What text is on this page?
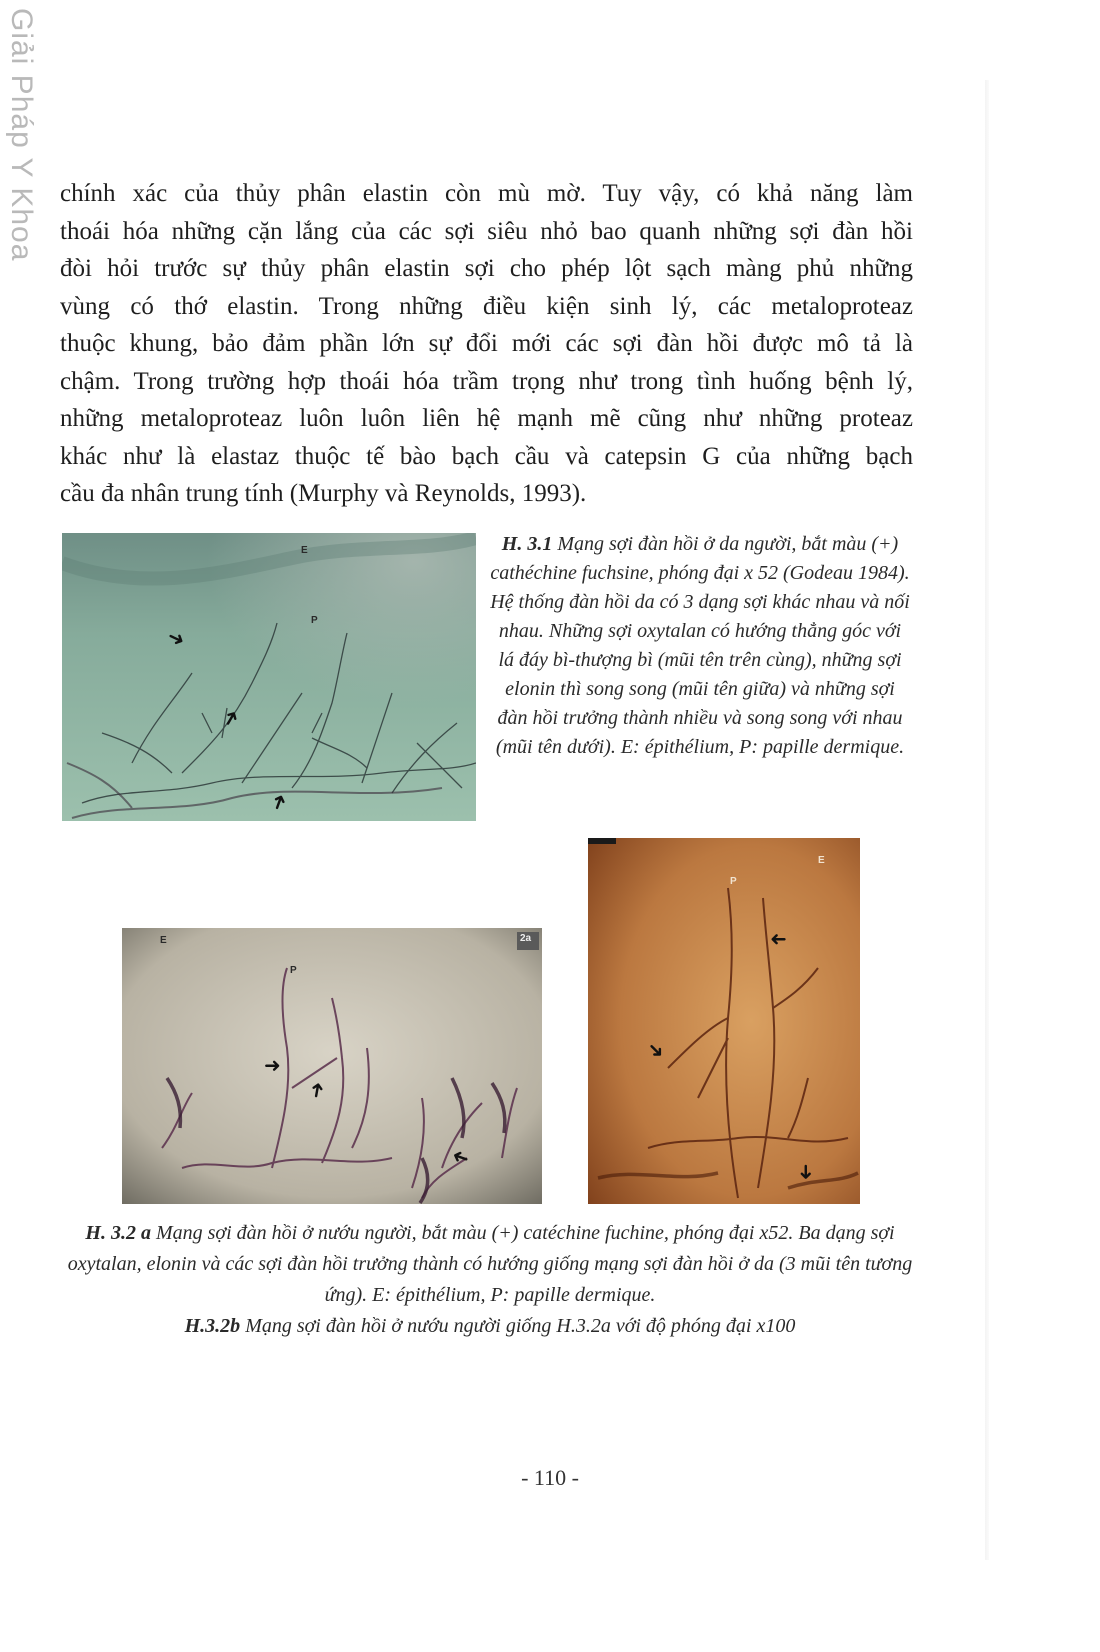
Giải Pháp Y Khoa chính xác của thủy phân elastin còn mù mờ. Tuy vậy, có khả năng làm
thoái hóa những cặn lắng của các sợi siêu nhỏ bao quanh những sợi đàn hồi
đòi hỏi trước sự thủy phân elastin sợi cho phép lột sạch màng phủ những
vùng có thớ elastin. Trong những điều kiện sinh lý, các metaloproteaz
thuộc khung, bảo đảm phần lớn sự đổi mới các sợi đàn hồi được mô tả là
chậm. Trong trường hợp thoái hóa trầm trọng như trong tình huống bệnh lý,
những metaloproteaz luôn luôn liên hệ mạnh mẽ cũng như những proteaz
khác như là elastaz thuộc tế bào bạch cầu và catepsin G của những bạch
cầu đa nhân trung tính (Murphy và Reynolds, 1993).
E
P
➜
➜
➜
H. 3.1 Mạng sợi đàn hồi ở da người, bắt màu (+) cathéchine fuchsine, phóng đại x 52 (Godeau 1984). Hệ thống đàn hồi da có 3 dạng sợi khác nhau và nối nhau. Những sợi oxytalan có hướng thẳng góc với lá đáy bì-thượng bì (mũi tên trên cùng), những sợi elonin thì song song (mũi tên giữa) và những sợi đàn hồi trưởng thành nhiều và song song với nhau (mũi tên dưới). E: épithélium, P: papille dermique.
E
P
2a
➜
➜
➜
E
P
➜
➜
➜
H. 3.2 a Mạng sợi đàn hồi ở nướu người, bắt màu (+) catéchine fuchine, phóng đại x52. Ba dạng sợi oxytalan, elonin và các sợi đàn hồi trưởng thành có hướng giống mạng sợi đàn hồi ở da (3 mũi tên tương ứng). E: épithélium, P: papille dermique.
H.3.2b Mạng sợi đàn hồi ở nướu người giống H.3.2a với độ phóng đại x100
- 110 -
